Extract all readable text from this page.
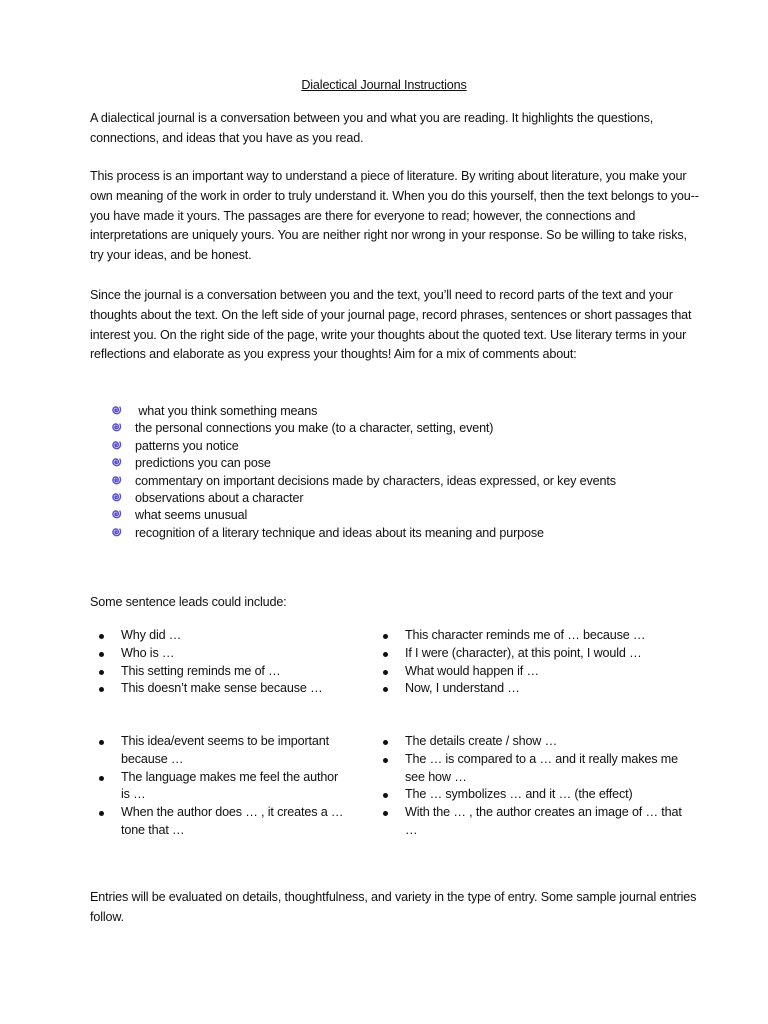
Dialectical Journal Instructions

A dialectical journal is a conversation between you and what you are reading. It highlights the questions, connections, and ideas that you have as you read.

This process is an important way to understand a piece of literature. By writing about literature, you make your own meaning of the work in order to truly understand it. When you do this yourself, then the text belongs to you--you have made it yours. The passages are there for everyone to read; however, the connections and interpretations are uniquely yours. You are neither right nor wrong in your response. So be willing to take risks, try your ideas, and be honest.

Since the journal is a conversation between you and the text, you’ll need to record parts of the text and your thoughts about the text. On the left side of your journal page, record phrases, sentences or short passages that interest you. On the right side of the page, write your thoughts about the quoted text. Use literary terms in your reflections and elaborate as you express your thoughts! Aim for a mix of comments about:

what you think something means
the personal connections you make (to a character, setting, event)
patterns you notice
predictions you can pose
commentary on important decisions made by characters, ideas expressed, or key events
observations about a character
what seems unusual
recognition of a literary technique and ideas about its meaning and purpose

Some sentence leads could include:

Why did …
Who is …
This setting reminds me of …
This doesn’t make sense because …
This character reminds me of … because …
If I were (character), at this point, I would …
What would happen if …
Now, I understand …
This idea/event seems to be important because …
The language makes me feel the author is …
When the author does … , it creates a … tone that …
The details create / show …
The … is compared to a … and it really makes me see how …
The … symbolizes … and it … (the effect)
With the … , the author creates an image of … that …

Entries will be evaluated on details, thoughtfulness, and variety in the type of entry. Some sample journal entries follow.
